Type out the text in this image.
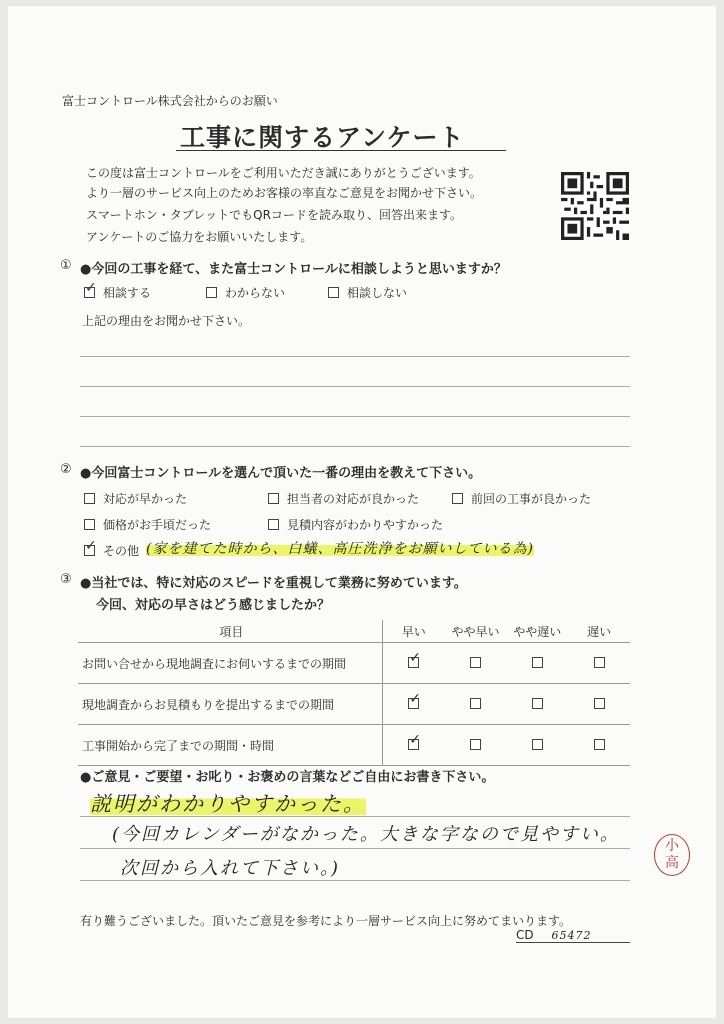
富士コントロール株式会社からのお願い
工事に関するアンケート
この度は富士コントロールをご利用いただき誠にありがとうございます。
より一層のサービス向上のためお客様の率直なご意見をお聞かせ下さい。
スマートホン・タブレットでもQRコードを読み取り、回答出来ます。
アンケートのご協力をお願いいたします。
① ●今回の工事を経て、また富士コントロールに相談しようと思いますか？
✓ 相談する	わからない	相談しない
上記の理由をお聞かせ下さい。
② ●今回富士コントロールを選んで頂いた一番の理由を教えて下さい。
対応が早かった	担当者の対応が良かった	前回の工事が良かった
価格がお手頃だった	見積内容がわかりやすかった
✓ その他 (家を建てた時から、白蟻、高圧洗浄をお願いしている為)
③ ●当社では、特に対応のスピードを重視して業務に努めています。
今回、対応の早さはどう感じましたか？
項目	早い	やや早い	やや遅い	遅い
お問い合せから現地調査にお伺いするまでの期間	✓			

現地調査からお見積もりを提出するまでの期間	✓			

工事開始から完了までの期間・時間	✓			

●ご意見・ご要望・お叱り・お褒めの言葉などご自由にお書き下さい。
説明がわかりやすかった。
(今回カレンダーがなかった。大きな字なので見やすい。
次回から入れて下さい。)
小高
有り難うございました。頂いたご意見を参考により一層サービス向上に努めてまいります。
CD 65472
